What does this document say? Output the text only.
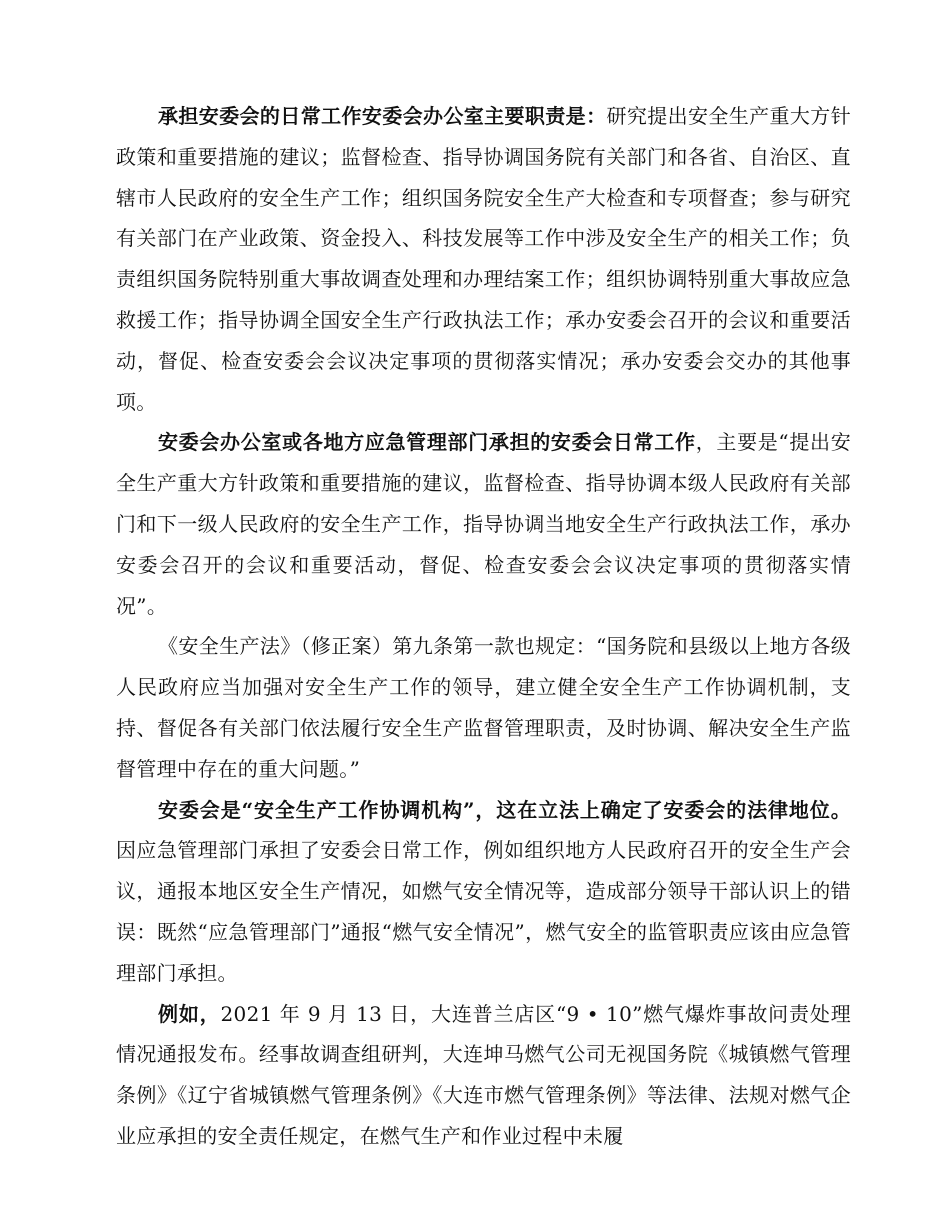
承担安委会的日常工作安委会办公室主要职责是：研究提出安全生产重大方针政策和重要措施的建议；监督检查、指导协调国务院有关部门和各省、自治区、直辖市人民政府的安全生产工作；组织国务院安全生产大检查和专项督查；参与研究有关部门在产业政策、资金投入、科技发展等工作中涉及安全生产的相关工作；负责组织国务院特别重大事故调查处理和办理结案工作；组织协调特别重大事故应急救援工作；指导协调全国安全生产行政执法工作；承办安委会召开的会议和重要活动，督促、检查安委会会议决定事项的贯彻落实情况；承办安委会交办的其他事项。

安委会办公室或各地方应急管理部门承担的安委会日常工作，主要是“提出安全生产重大方针政策和重要措施的建议，监督检查、指导协调本级人民政府有关部门和下一级人民政府的安全生产工作，指导协调当地安全生产行政执法工作，承办安委会召开的会议和重要活动，督促、检查安委会会议决定事项的贯彻落实情况”。

《安全生产法》（修正案）第九条第一款也规定：“国务院和县级以上地方各级人民政府应当加强对安全生产工作的领导，建立健全安全生产工作协调机制，支持、督促各有关部门依法履行安全生产监督管理职责，及时协调、解决安全生产监督管理中存在的重大问题。”

安委会是“安全生产工作协调机构”，这在立法上确定了安委会的法律地位。因应急管理部门承担了安委会日常工作，例如组织地方人民政府召开的安全生产会议，通报本地区安全生产情况，如燃气安全情况等，造成部分领导干部认识上的错误：既然“应急管理部门”通报“燃气安全情况”，燃气安全的监管职责应该由应急管理部门承担。

例如，2021 年 9 月 13 日，大连普兰店区“9 • 10”燃气爆炸事故问责处理情况通报发布。经事故调查组研判，大连坤马燃气公司无视国务院《城镇燃气管理条例》《辽宁省城镇燃气管理条例》《大连市燃气管理条例》等法律、法规对燃气企业应承担的安全责任规定，在燃气生产和作业过程中未履
